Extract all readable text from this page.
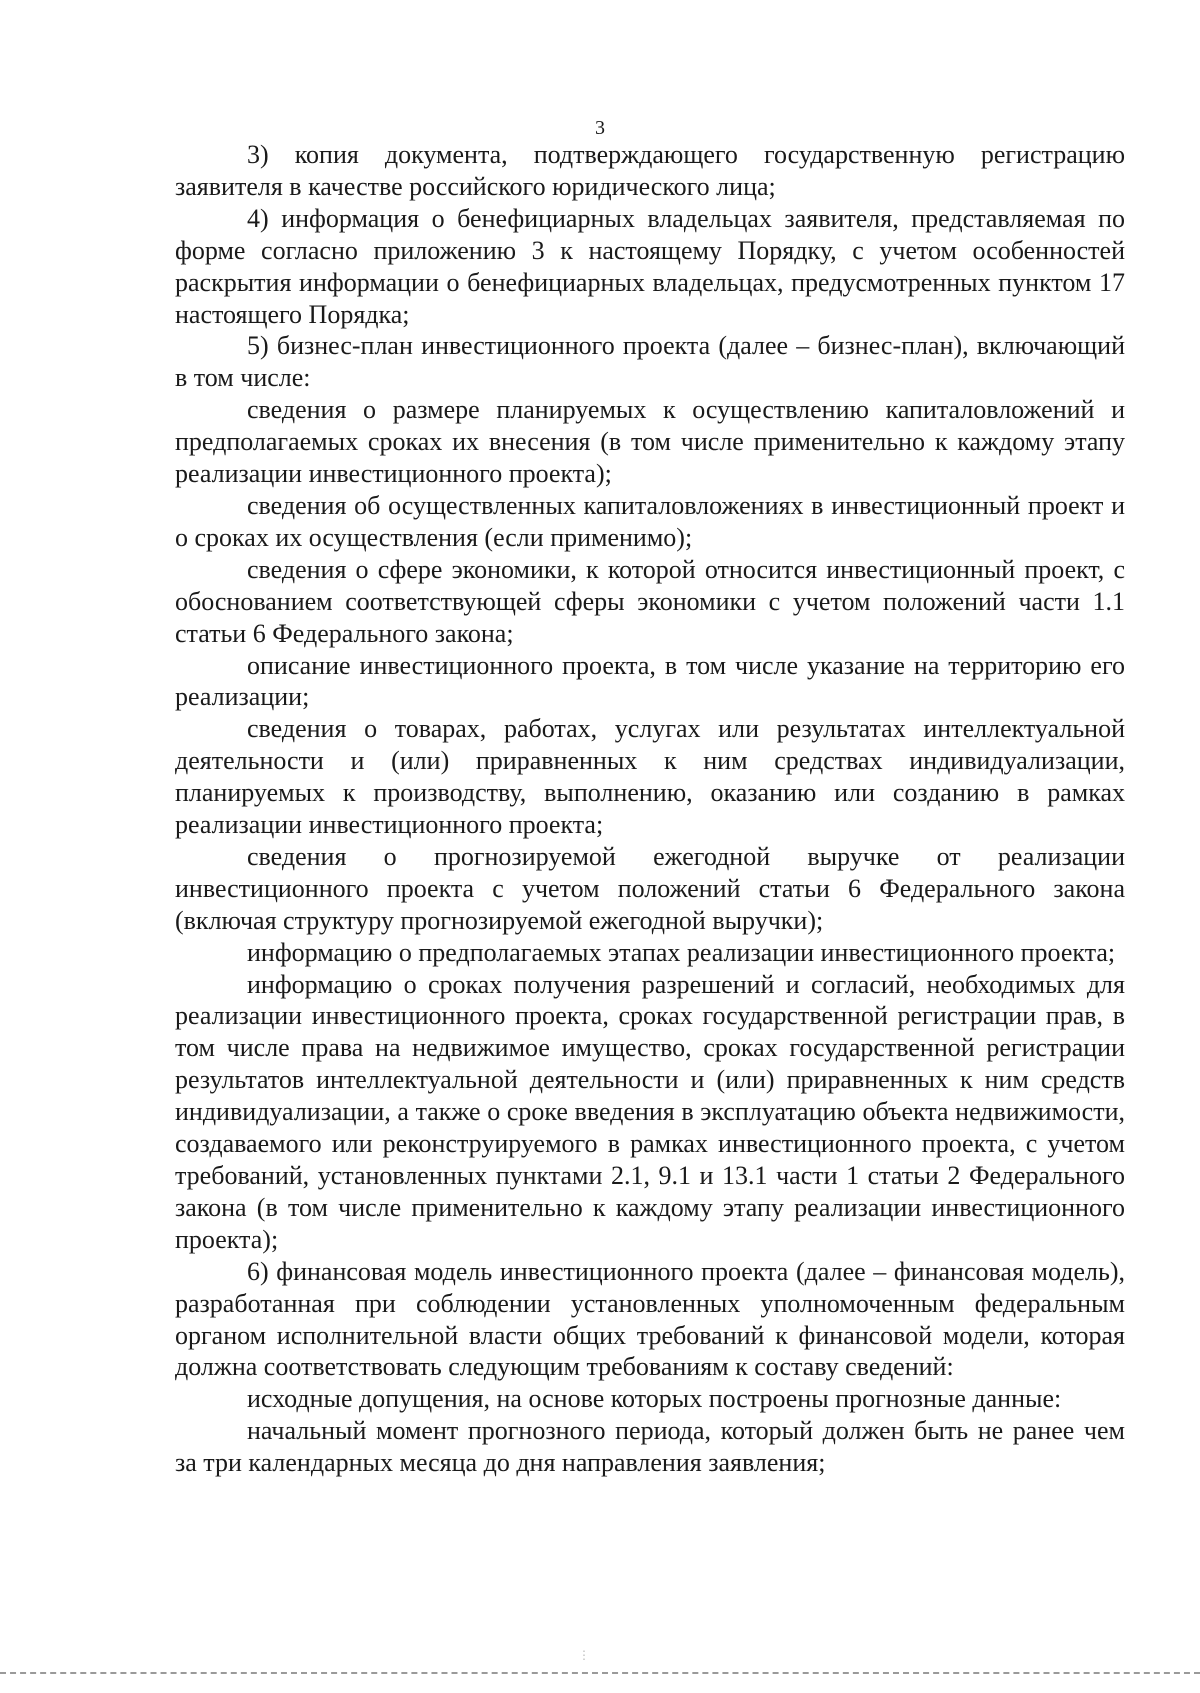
3

3) копия документа, подтверждающего государственную регистрацию заявителя в качестве российского юридического лица;

4) информация о бенефициарных владельцах заявителя, представляемая по форме согласно приложению 3 к настоящему Порядку, с учетом особенностей раскрытия информации о бенефициарных владельцах, предусмотренных пунктом 17 настоящего Порядка;

5) бизнес-план инвестиционного проекта (далее – бизнес-план), включающий в том числе:

сведения о размере планируемых к осуществлению капиталовложений и предполагаемых сроках их внесения (в том числе применительно к каждому этапу реализации инвестиционного проекта);

сведения об осуществленных капиталовложениях в инвестиционный проект и о сроках их осуществления (если применимо);

сведения о сфере экономики, к которой относится инвестиционный проект, с обоснованием соответствующей сферы экономики с учетом положений части 1.1 статьи 6 Федерального закона;

описание инвестиционного проекта, в том числе указание на территорию его реализации;

сведения о товарах, работах, услугах или результатах интеллектуальной деятельности и (или) приравненных к ним средствах индивидуализации, планируемых к производству, выполнению, оказанию или созданию в рамках реализации инвестиционного проекта;

сведения о прогнозируемой ежегодной выручке от реализации инвестиционного проекта с учетом положений статьи 6 Федерального закона (включая структуру прогнозируемой ежегодной выручки);

информацию о предполагаемых этапах реализации инвестиционного проекта;

информацию о сроках получения разрешений и согласий, необходимых для реализации инвестиционного проекта, сроках государственной регистрации прав, в том числе права на недвижимое имущество, сроках государственной регистрации результатов интеллектуальной деятельности и (или) приравненных к ним средств индивидуализации, а также о сроке введения в эксплуатацию объекта недвижимости, создаваемого или реконструируемого в рамках инвестиционного проекта, с учетом требований, установленных пунктами 2.1, 9.1 и 13.1 части 1 статьи 2 Федерального закона (в том числе применительно к каждому этапу реализации инвестиционного проекта);

6) финансовая модель инвестиционного проекта (далее – финансовая модель), разработанная при соблюдении установленных уполномоченным федеральным органом исполнительной власти общих требований к финансовой модели, которая должна соответствовать следующим требованиям к составу сведений:

исходные допущения, на основе которых построены прогнозные данные:

начальный момент прогнозного периода, который должен быть не ранее чем за три календарных месяца до дня направления заявления;

⋮
